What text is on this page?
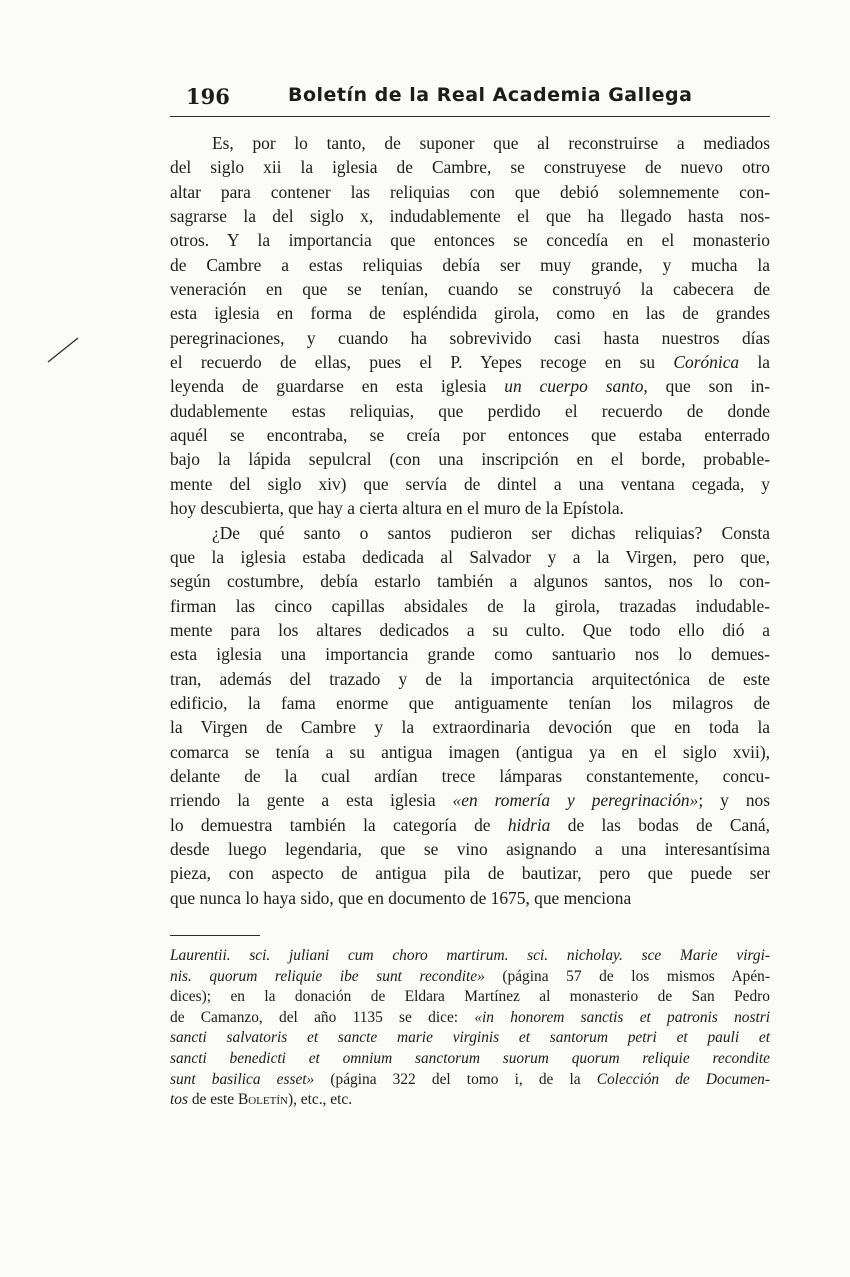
196	Boletín de la Real Academia Gallega
Es, por lo tanto, de suponer que al reconstruirse a mediados
del siglo xii la iglesia de Cambre, se construyese de nuevo otro
altar para contener las reliquias con que debió solemnemente con-
sagrarse la del siglo x, indudablemente el que ha llegado hasta nos-
otros. Y la importancia que entonces se concedía en el monasterio
de Cambre a estas reliquias debía ser muy grande, y mucha la
veneración en que se tenían, cuando se construyó la cabecera de
esta iglesia en forma de espléndida girola, como en las de grandes
peregrinaciones, y cuando ha sobrevivido casi hasta nuestros días
el recuerdo de ellas, pues el P. Yepes recoge en su Corónica la
leyenda de guardarse en esta iglesia un cuerpo santo, que son in-
dudablemente estas reliquias, que perdido el recuerdo de donde
aquél se encontraba, se creía por entonces que estaba enterrado
bajo la lápida sepulcral (con una inscripción en el borde, probable-
mente del siglo xiv) que servía de dintel a una ventana cegada, y
hoy descubierta, que hay a cierta altura en el muro de la Epístola.
¿De qué santo o santos pudieron ser dichas reliquias? Consta
que la iglesia estaba dedicada al Salvador y a la Virgen, pero que,
según costumbre, debía estarlo también a algunos santos, nos lo con-
firman las cinco capillas absidales de la girola, trazadas indudable-
mente para los altares dedicados a su culto. Que todo ello dió a
esta iglesia una importancia grande como santuario nos lo demues-
tran, además del trazado y de la importancia arquitectónica de este
edificio, la fama enorme que antiguamente tenían los milagros de
la Virgen de Cambre y la extraordinaria devoción que en toda la
comarca se tenía a su antigua imagen (antigua ya en el siglo xvii),
delante de la cual ardían trece lámparas constantemente, concu-
rriendo la gente a esta iglesia «en romería y peregrinación»; y nos
lo demuestra también la categoría de hidria de las bodas de Caná,
desde luego legendaria, que se vino asignando a una interesantísima
pieza, con aspecto de antigua pila de bautizar, pero que puede ser
que nunca lo haya sido, que en documento de 1675, que menciona
Laurentii. sci. juliani cum choro martirum. sci. nicholay. sce Marie virgi-
nis. quorum reliquie ibe sunt recondite» (página 57 de los mismos Apén-
dices); en la donación de Eldara Martínez al monasterio de San Pedro
de Camanzo, del año 1135 se dice: «in honorem sanctis et patronis nostri
sancti salvatoris et sancte marie virginis et santorum petri et pauli et
sancti benedicti et omnium sanctorum suorum quorum reliquie recondite
sunt basilica esset» (página 322 del tomo i, de la Colección de Documen-
tos de este Boletín), etc., etc.
